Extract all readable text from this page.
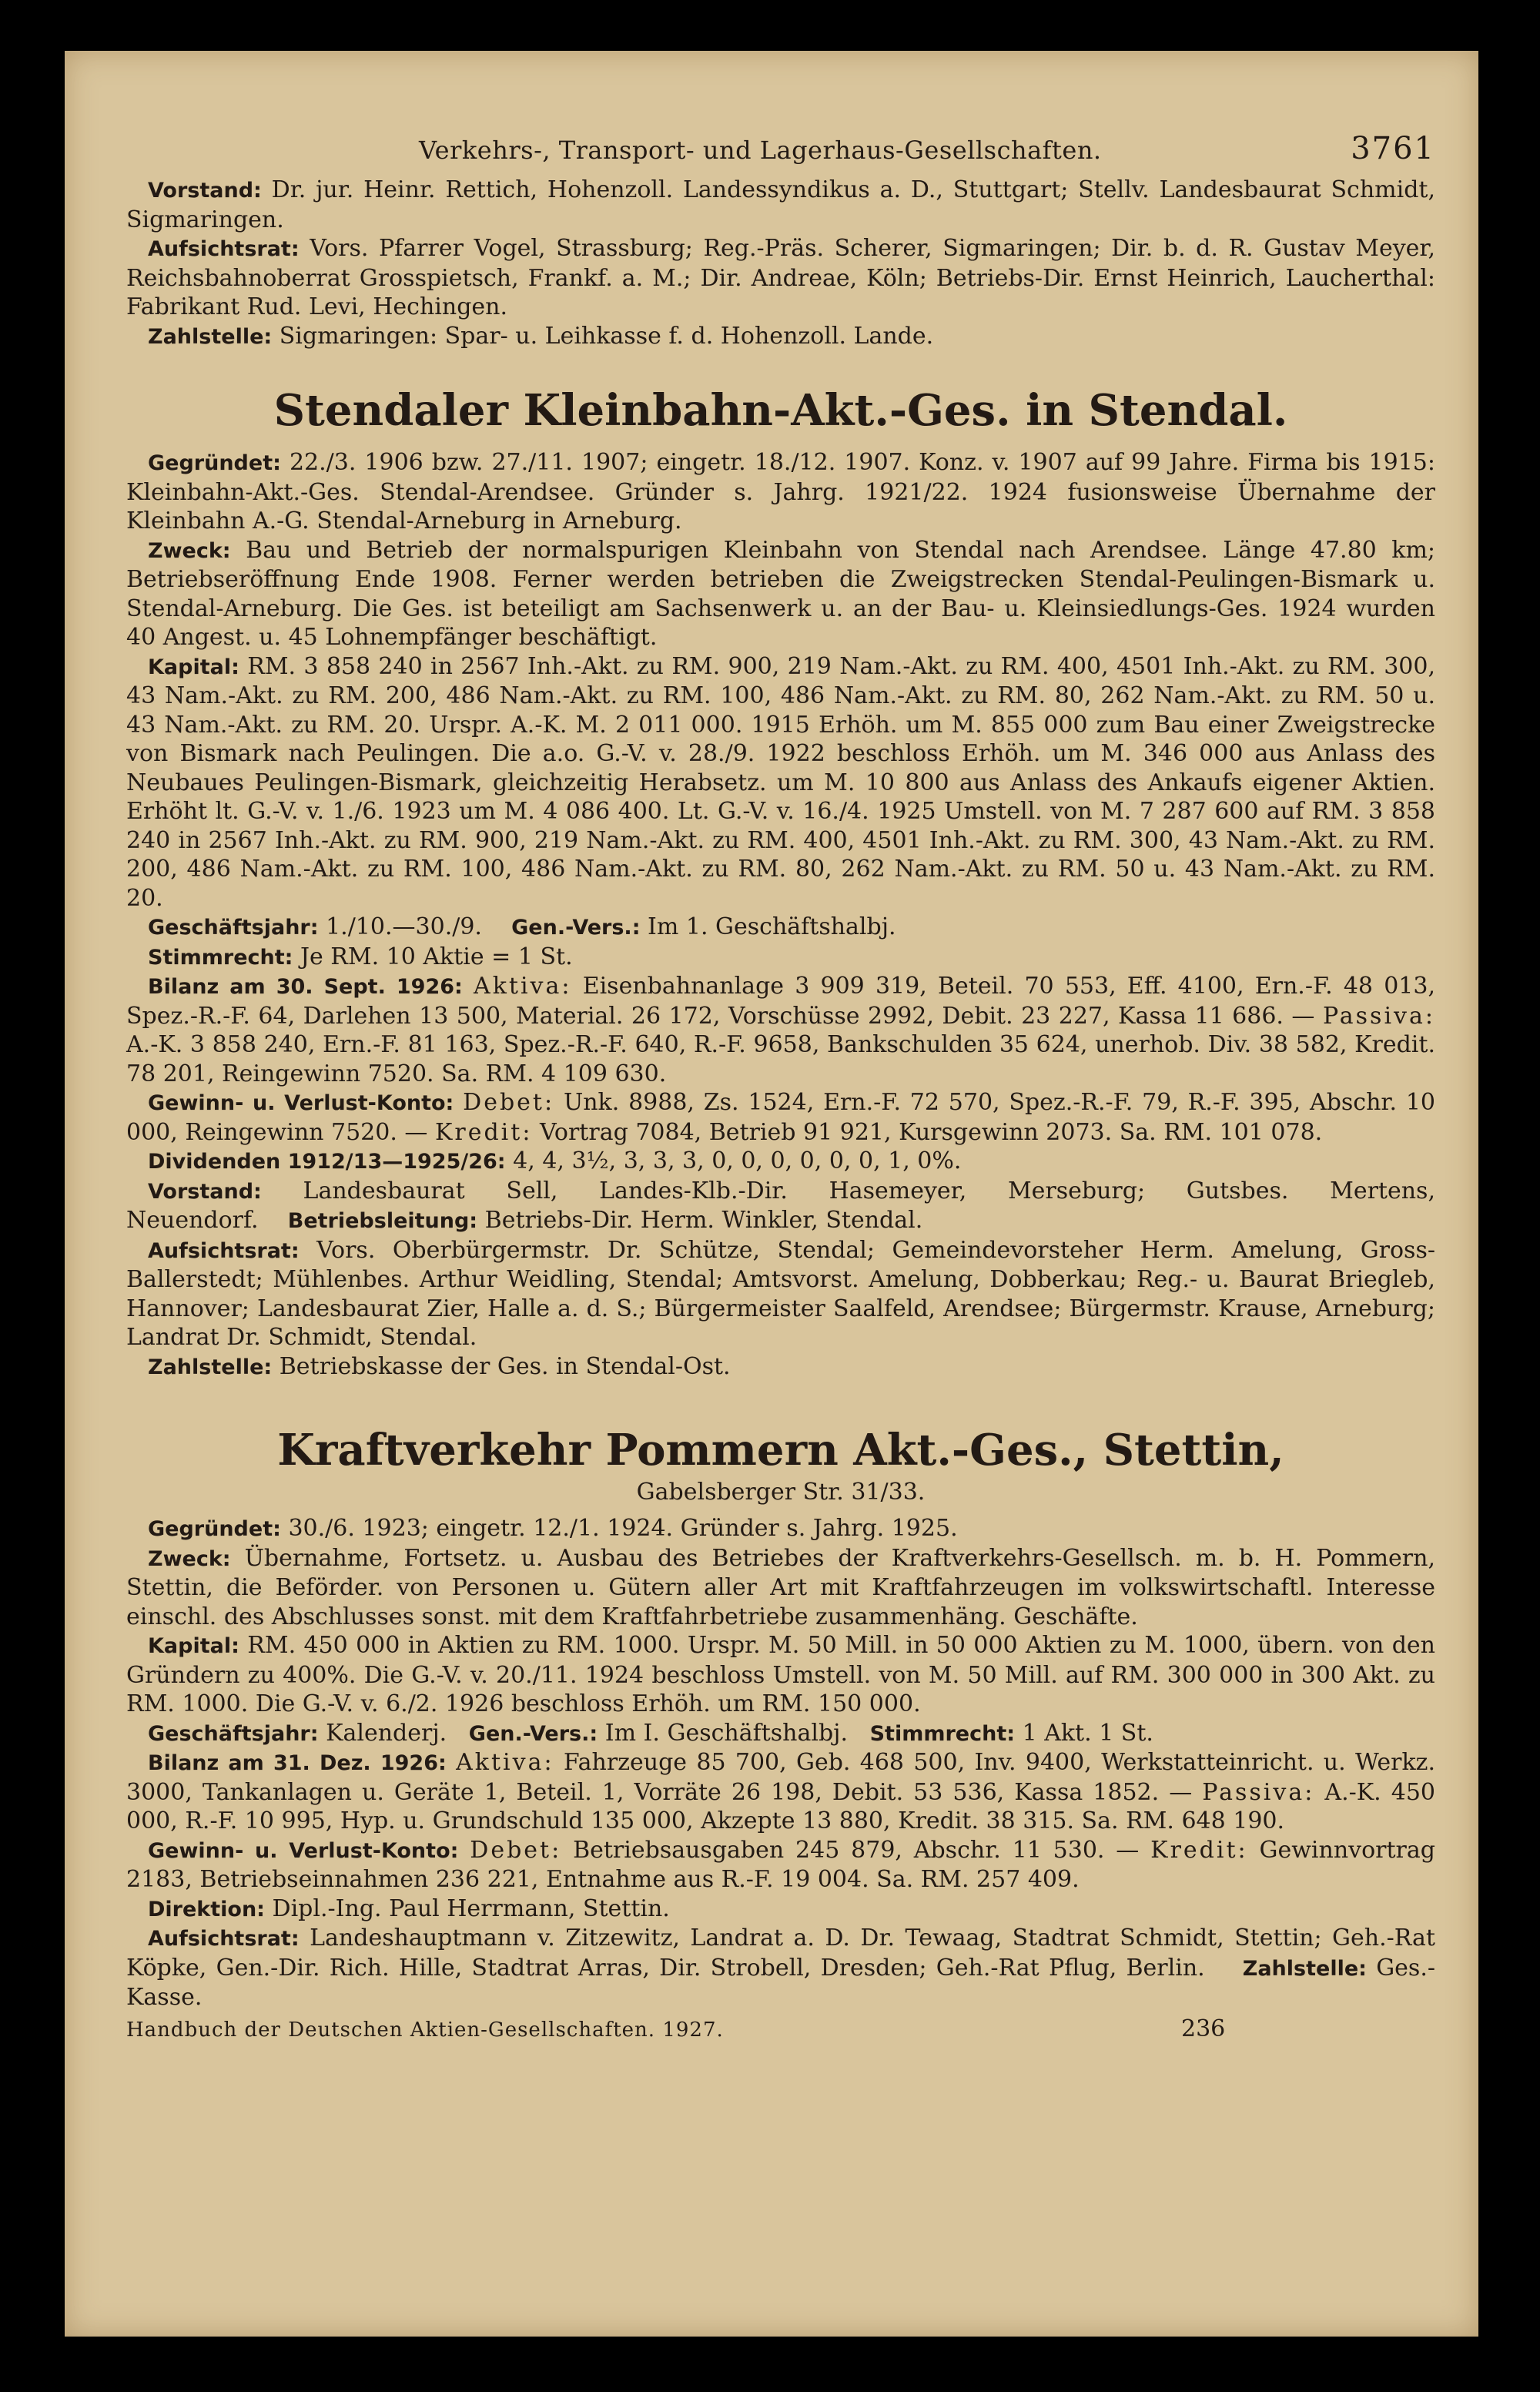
Verkehrs-, Transport- und Lagerhaus-Gesellschaften.	3761

Vorstand: Dr. jur. Heinr. Rettich, Hohenzoll. Landessyndikus a. D., Stuttgart; Stellv. Landesbaurat Schmidt, Sigmaringen.

Aufsichtsrat: Vors. Pfarrer Vogel, Strassburg; Reg.-Präs. Scherer, Sigmaringen; Dir. b. d. R. Gustav Meyer, Reichsbahnoberrat Grosspietsch, Frankf. a. M.; Dir. Andreae, Köln; Betriebs-Dir. Ernst Heinrich, Laucherthal: Fabrikant Rud. Levi, Hechingen.

Zahlstelle: Sigmaringen: Spar- u. Leihkasse f. d. Hohenzoll. Lande.

Stendaler Kleinbahn-Akt.-Ges. in Stendal.

Gegründet: 22./3. 1906 bzw. 27./11. 1907; eingetr. 18./12. 1907. Konz. v. 1907 auf 99 Jahre. Firma bis 1915: Kleinbahn-Akt.-Ges. Stendal-Arendsee. Gründer s. Jahrg. 1921/22. 1924 fusionsweise Übernahme der Kleinbahn A.-G. Stendal-Arneburg in Arneburg.

Zweck: Bau und Betrieb der normalspurigen Kleinbahn von Stendal nach Arendsee. Länge 47.80 km; Betriebseröffnung Ende 1908. Ferner werden betrieben die Zweigstrecken Stendal-Peulingen-Bismark u. Stendal-Arneburg. Die Ges. ist beteiligt am Sachsenwerk u. an der Bau- u. Kleinsiedlungs-Ges. 1924 wurden 40 Angest. u. 45 Lohnempfänger beschäftigt.

Kapital: RM. 3 858 240 in 2567 Inh.-Akt. zu RM. 900, 219 Nam.-Akt. zu RM. 400, 4501 Inh.-Akt. zu RM. 300, 43 Nam.-Akt. zu RM. 200, 486 Nam.-Akt. zu RM. 100, 486 Nam.-Akt. zu RM. 80, 262 Nam.-Akt. zu RM. 50 u. 43 Nam.-Akt. zu RM. 20. Urspr. A.-K. M. 2 011 000. 1915 Erhöh. um M. 855 000 zum Bau einer Zweigstrecke von Bismark nach Peulingen. Die a.o. G.-V. v. 28./9. 1922 beschloss Erhöh. um M. 346 000 aus Anlass des Neubaues Peulingen-Bismark, gleichzeitig Herabsetz. um M. 10 800 aus Anlass des Ankaufs eigener Aktien. Erhöht lt. G.-V. v. 1./6. 1923 um M. 4 086 400. Lt. G.-V. v. 16./4. 1925 Umstell. von M. 7 287 600 auf RM. 3 858 240 in 2567 Inh.-Akt. zu RM. 900, 219 Nam.-Akt. zu RM. 400, 4501 Inh.-Akt. zu RM. 300, 43 Nam.-Akt. zu RM. 200, 486 Nam.-Akt. zu RM. 100, 486 Nam.-Akt. zu RM. 80, 262 Nam.-Akt. zu RM. 50 u. 43 Nam.-Akt. zu RM. 20.

Geschäftsjahr: 1./10.—30./9. Gen.-Vers.: Im 1. Geschäftshalbj.

Stimmrecht: Je RM. 10 Aktie = 1 St.

Bilanz am 30. Sept. 1926: Aktiva: Eisenbahnanlage 3 909 319, Beteil. 70 553, Eff. 4100, Ern.-F. 48 013, Spez.-R.-F. 64, Darlehen 13 500, Material. 26 172, Vorschüsse 2992, Debit. 23 227, Kassa 11 686. — Passiva: A.-K. 3 858 240, Ern.-F. 81 163, Spez.-R.-F. 640, R.-F. 9658, Bankschulden 35 624, unerhob. Div. 38 582, Kredit. 78 201, Reingewinn 7520. Sa. RM. 4 109 630.

Gewinn- u. Verlust-Konto: Debet: Unk. 8988, Zs. 1524, Ern.-F. 72 570, Spez.-R.-F. 79, R.-F. 395, Abschr. 10 000, Reingewinn 7520. — Kredit: Vortrag 7084, Betrieb 91 921, Kursgewinn 2073. Sa. RM. 101 078.

Dividenden 1912/13—1925/26: 4, 4, 3½, 3, 3, 3, 0, 0, 0, 0, 0, 0, 1, 0%.

Vorstand: Landesbaurat Sell, Landes-Klb.-Dir. Hasemeyer, Merseburg; Gutsbes. Mertens, Neuendorf. Betriebsleitung: Betriebs-Dir. Herm. Winkler, Stendal.

Aufsichtsrat: Vors. Oberbürgermstr. Dr. Schütze, Stendal; Gemeindevorsteher Herm. Amelung, Gross-Ballerstedt; Mühlenbes. Arthur Weidling, Stendal; Amtsvorst. Amelung, Dobberkau; Reg.- u. Baurat Briegleb, Hannover; Landesbaurat Zier, Halle a. d. S.; Bürgermeister Saalfeld, Arendsee; Bürgermstr. Krause, Arneburg; Landrat Dr. Schmidt, Stendal.

Zahlstelle: Betriebskasse der Ges. in Stendal-Ost.

Kraftverkehr Pommern Akt.-Ges., Stettin,
Gabelsberger Str. 31/33.

Gegründet: 30./6. 1923; eingetr. 12./1. 1924. Gründer s. Jahrg. 1925.

Zweck: Übernahme, Fortsetz. u. Ausbau des Betriebes der Kraftverkehrs-Gesellsch. m. b. H. Pommern, Stettin, die Beförder. von Personen u. Gütern aller Art mit Kraftfahrzeugen im volkswirtschaftl. Interesse einschl. des Abschlusses sonst. mit dem Kraftfahrbetriebe zusammenhäng. Geschäfte.

Kapital: RM. 450 000 in Aktien zu RM. 1000. Urspr. M. 50 Mill. in 50 000 Aktien zu M. 1000, übern. von den Gründern zu 400%. Die G.-V. v. 20./11. 1924 beschloss Umstell. von M. 50 Mill. auf RM. 300 000 in 300 Akt. zu RM. 1000. Die G.-V. v. 6./2. 1926 beschloss Erhöh. um RM. 150 000.

Geschäftsjahr: Kalenderj. Gen.-Vers.: Im I. Geschäftshalbj. Stimmrecht: 1 Akt. 1 St.

Bilanz am 31. Dez. 1926: Aktiva: Fahrzeuge 85 700, Geb. 468 500, Inv. 9400, Werkstatteinricht. u. Werkz. 3000, Tankanlagen u. Geräte 1, Beteil. 1, Vorräte 26 198, Debit. 53 536, Kassa 1852. — Passiva: A.-K. 450 000, R.-F. 10 995, Hyp. u. Grundschuld 135 000, Akzepte 13 880, Kredit. 38 315. Sa. RM. 648 190.

Gewinn- u. Verlust-Konto: Debet: Betriebsausgaben 245 879, Abschr. 11 530. — Kredit: Gewinnvortrag 2183, Betriebseinnahmen 236 221, Entnahme aus R.-F. 19 004. Sa. RM. 257 409.

Direktion: Dipl.-Ing. Paul Herrmann, Stettin.

Aufsichtsrat: Landeshauptmann v. Zitzewitz, Landrat a. D. Dr. Tewaag, Stadtrat Schmidt, Stettin; Geh.-Rat Köpke, Gen.-Dir. Rich. Hille, Stadtrat Arras, Dir. Strobell, Dresden; Geh.-Rat Pflug, Berlin. Zahlstelle: Ges.-Kasse.

Handbuch der Deutschen Aktien-Gesellschaften. 1927.	236
